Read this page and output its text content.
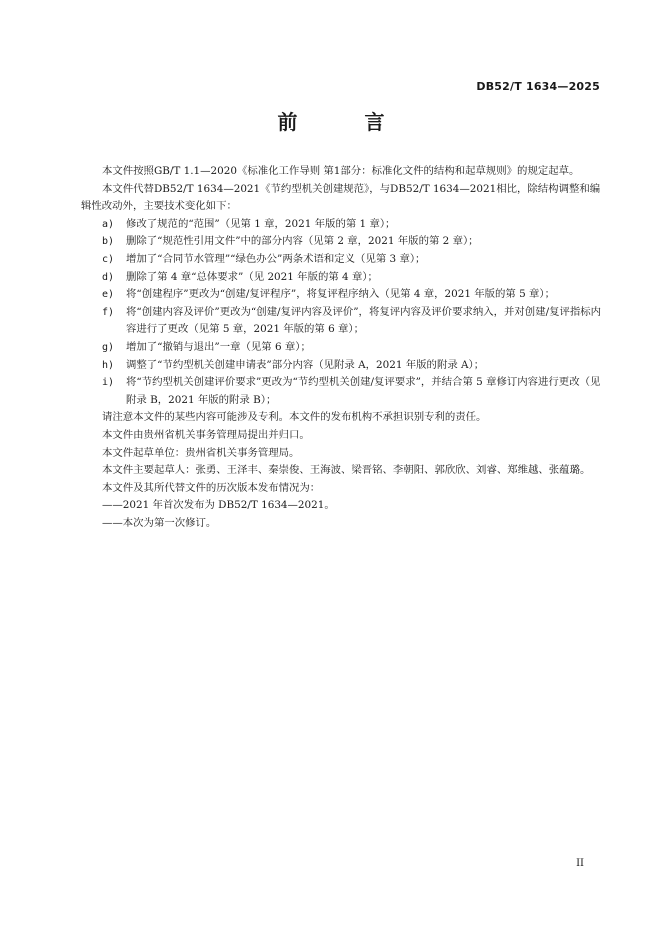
DB52/T 1634—2025
前 言

本文件按照GB/T 1.1—2020《标准化工作导则 第1部分：标准化文件的结构和起草规则》的规定起草。

本文件代替DB52/T 1634—2021《节约型机关创建规范》，与DB52/T 1634—2021相比，除结构调整和编辑性改动外，主要技术变化如下：

a) 修改了规范的“范围”（见第 1 章，2021 年版的第 1 章）；
b) 删除了“规范性引用文件”中的部分内容（见第 2 章，2021 年版的第 2 章）；
c) 增加了“合同节水管理”“绿色办公”两条术语和定义（见第 3 章）；
d) 删除了第 4 章“总体要求”（见 2021 年版的第 4 章）；
e) 将“创建程序”更改为“创建/复评程序”，将复评程序纳入（见第 4 章，2021 年版的第 5 章）；
f) 将“创建内容及评价”更改为“创建/复评内容及评价”，将复评内容及评价要求纳入，并对创建/复评指标内容进行了更改（见第 5 章，2021 年版的第 6 章）；
g) 增加了“撤销与退出”一章（见第 6 章）；
h) 调整了“节约型机关创建申请表”部分内容（见附录 A，2021 年版的附录 A）；
i) 将“节约型机关创建评价要求”更改为“节约型机关创建/复评要求”，并结合第 5 章修订内容进行更改（见附录 B，2021 年版的附录 B）；

请注意本文件的某些内容可能涉及专利。本文件的发布机构不承担识别专利的责任。

本文件由贵州省机关事务管理局提出并归口。

本文件起草单位：贵州省机关事务管理局。

本文件主要起草人：张勇、王泽丰、秦崇俊、王海波、梁晋铭、李朝阳、郭欣欣、刘睿、郑维越、张蕴璐。

本文件及其所代替文件的历次版本发布情况为：

——2021 年首次发布为 DB52/T 1634—2021。

——本次为第一次修订。

II
